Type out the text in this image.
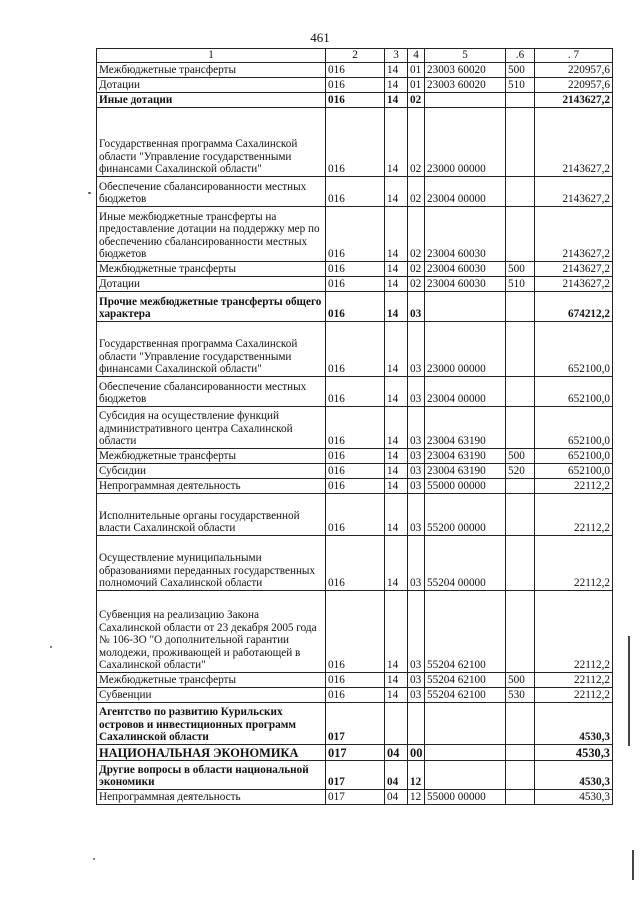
461
1	2	3	4	5	.6	. 7
Межбюджетные трансферты	016	14	01	23003 60020	500	220957,6
Дотации	016	14	01	23003 60020	510	220957,6
Иные дотации	016	14	02			2143627,2
Государственная программа Сахалинской области "Управление государственными финансами Сахалинской области"	016	14	02	23000 00000		2143627,2
Обеспечение сбалансированности местных бюджетов	016	14	02	23004 00000		2143627,2
Иные межбюджетные трансферты на предоставление дотации на поддержку мер по обеспечению сбалансированности местных бюджетов	016	14	02	23004 60030		2143627,2
Межбюджетные трансферты	016	14	02	23004 60030	500	2143627,2
Дотации	016	14	02	23004 60030	510	2143627,2
Прочие межбюджетные трансферты общего характера	016	14	03			674212,2
Государственная программа Сахалинской области "Управление государственными финансами Сахалинской области"	016	14	03	23000 00000		652100,0
Обеспечение сбалансированности местных бюджетов	016	14	03	23004 00000		652100,0
Субсидия на осуществление функций административного центра Сахалинской области	016	14	03	23004 63190		652100,0
Межбюджетные трансферты	016	14	03	23004 63190	500	652100,0
Субсидии	016	14	03	23004 63190	520	652100,0
Непрограммная деятельность	016	14	03	55000 00000		22112,2
Исполнительные органы государственной власти Сахалинской области	016	14	03	55200 00000		22112,2
Осуществление муниципальными образованиями переданных государственных полномочий Сахалинской области	016	14	03	55204 00000		22112,2
Субвенция на реализацию Закона Сахалинской области от 23 декабря 2005 года № 106-ЗО "О дополнительной гарантии молодежи, проживающей и работающей в Сахалинской области"	016	14	03	55204 62100		22112,2
Межбюджетные трансферты	016	14	03	55204 62100	500	22112,2
Субвенции	016	14	03	55204 62100	530	22112,2
Агентство по развитию Курильских островов и инвестиционных программ Сахалинской области	017					4530,3
НАЦИОНАЛЬНАЯ ЭКОНОМИКА	017	04	00			4530,3
Другие вопросы в области национальной экономики	017	04	12			4530,3
Непрограммная деятельность	017	04	12	55000 00000		4530,3
